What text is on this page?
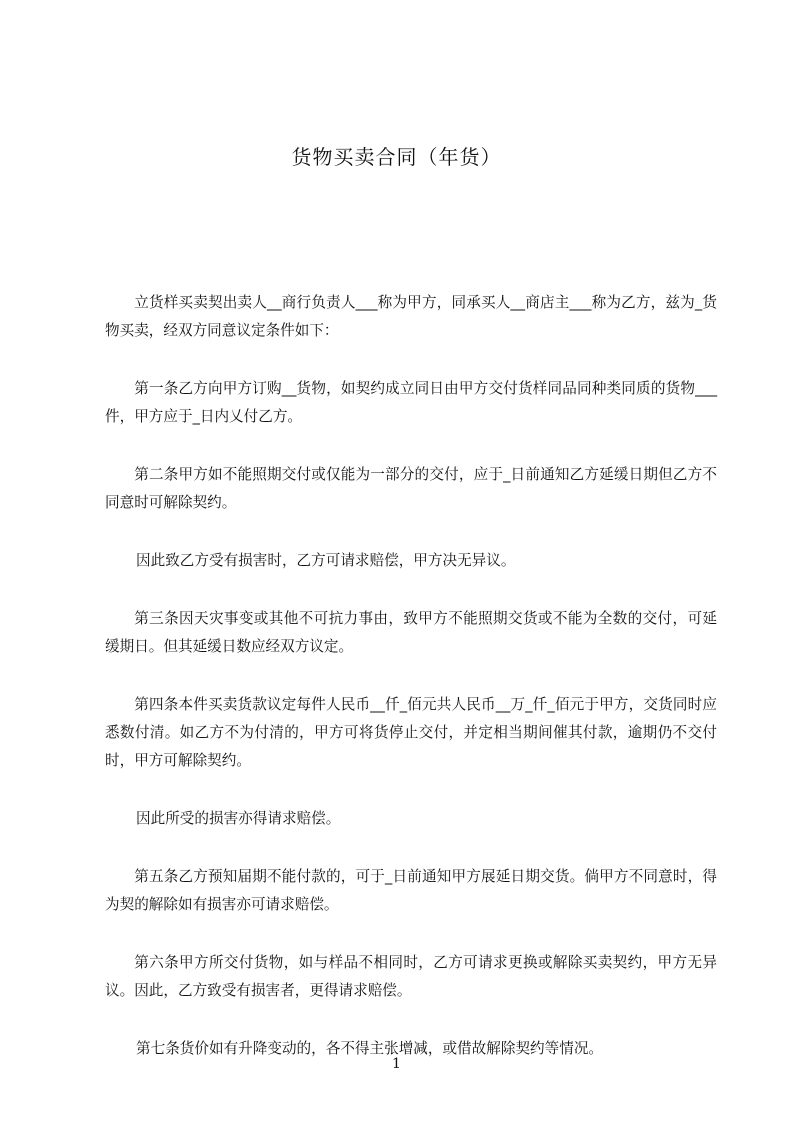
货物买卖合同（年货）

立货样买卖契出卖人__商行负责人___称为甲方，同承买人__商店主___称为乙方，兹为_货物买卖，经双方同意议定条件如下：

第一条乙方向甲方订购__货物，如契约成立同日由甲方交付货样同品同种类同质的货物___件，甲方应于_日内乂付乙方。

第二条甲方如不能照期交付或仅能为一部分的交付，应于_日前通知乙方延缓日期但乙方不同意时可解除契约。

因此致乙方受有损害时，乙方可请求赔偿，甲方决无异议。

第三条因天灾事变或其他不可抗力事由，致甲方不能照期交货或不能为全数的交付，可延缓期日。但其延缓日数应经双方议定。

第四条本件买卖货款议定每件人民币__仟_佰元共人民币__万_仟_佰元于甲方，交货同时应悉数付清。如乙方不为付清的，甲方可将货停止交付，并定相当期间催其付款，逾期仍不交付时，甲方可解除契约。

因此所受的损害亦得请求赔偿。

第五条乙方预知届期不能付款的，可于_日前通知甲方展延日期交货。倘甲方不同意时，得为契的解除如有损害亦可请求赔偿。

第六条甲方所交付货物，如与样品不相同时，乙方可请求更换或解除买卖契约，甲方无异议。因此，乙方致受有损害者，更得请求赔偿。

第七条货价如有升降变动的，各不得主张增减，或借故解除契约等情况。

1
